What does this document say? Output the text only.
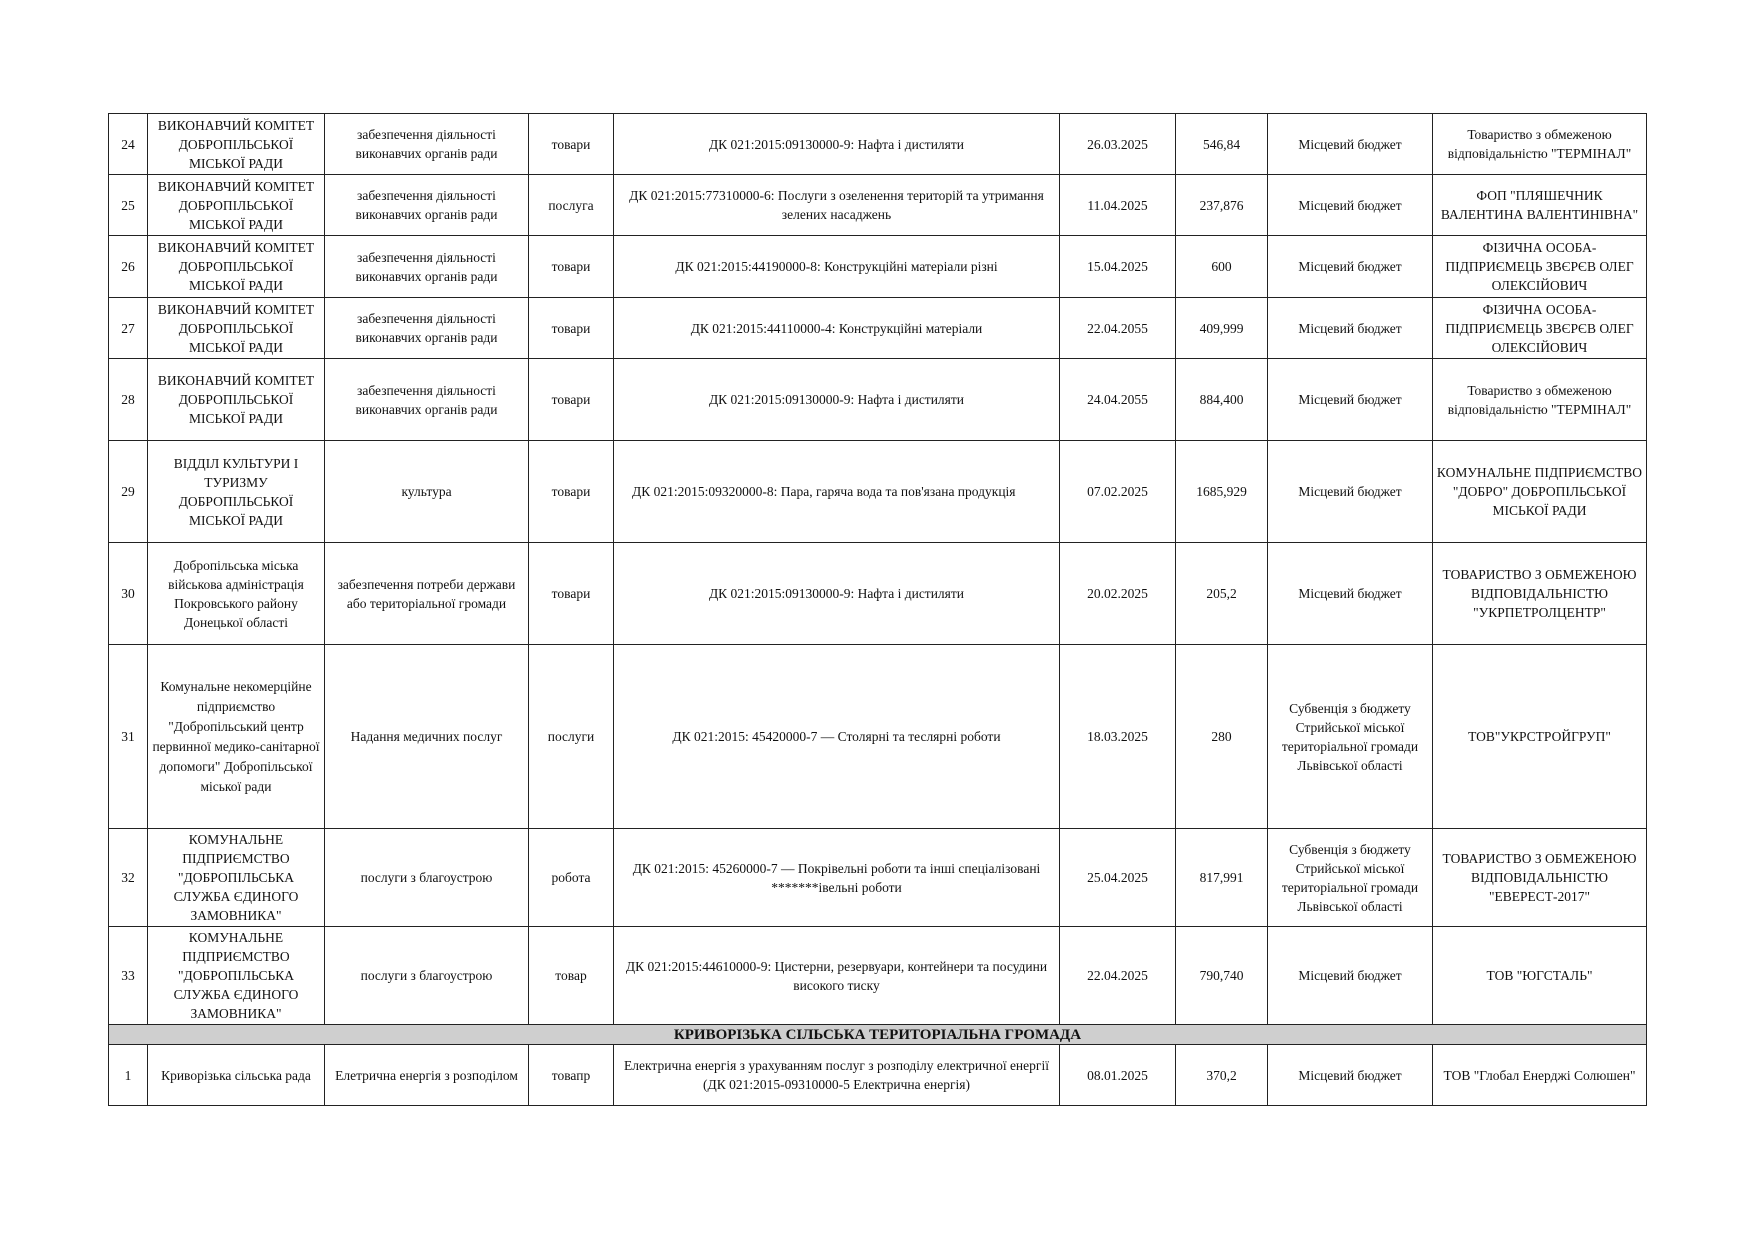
24	ВИКОНАВЧИЙ КОМІТЕТ ДОБРОПІЛЬСЬКОЇ МІСЬКОЇ РАДИ	забезпечення діяльності виконавчих органів ради	товари	ДК 021:2015:09130000-9: Нафта і дистиляти	26.03.2025	546,84	Місцевий бюджет	Товариство з обмеженою відповідальністю "ТЕРМІНАЛ"
25	ВИКОНАВЧИЙ КОМІТЕТ ДОБРОПІЛЬСЬКОЇ МІСЬКОЇ РАДИ	забезпечення діяльності виконавчих органів ради	послуга	ДК 021:2015:77310000-6: Послуги з озеленення територій та утримання зелених насаджень	11.04.2025	237,876	Місцевий бюджет	ФОП "ПЛЯШЕЧНИК ВАЛЕНТИНА ВАЛЕНТИНІВНА"
26	ВИКОНАВЧИЙ КОМІТЕТ ДОБРОПІЛЬСЬКОЇ МІСЬКОЇ РАДИ	забезпечення діяльності виконавчих органів ради	товари	ДК 021:2015:44190000-8: Конструкційні матеріали різні	15.04.2025	600	Місцевий бюджет	ФІЗИЧНА ОСОБА-ПІДПРИЄМЕЦЬ ЗВЄРЄВ ОЛЕГ ОЛЕКСІЙОВИЧ
27	ВИКОНАВЧИЙ КОМІТЕТ ДОБРОПІЛЬСЬКОЇ МІСЬКОЇ РАДИ	забезпечення діяльності виконавчих органів ради	товари	ДК 021:2015:44110000-4: Конструкційні матеріали	22.04.2055	409,999	Місцевий бюджет	ФІЗИЧНА ОСОБА-ПІДПРИЄМЕЦЬ ЗВЄРЄВ ОЛЕГ ОЛЕКСІЙОВИЧ
28	ВИКОНАВЧИЙ КОМІТЕТ ДОБРОПІЛЬСЬКОЇ МІСЬКОЇ РАДИ	забезпечення діяльності виконавчих органів ради	товари	ДК 021:2015:09130000-9: Нафта і дистиляти	24.04.2055	884,400	Місцевий бюджет	Товариство з обмеженою відповідальністю "ТЕРМІНАЛ"
29	ВІДДІЛ КУЛЬТУРИ І ТУРИЗМУ ДОБРОПІЛЬСЬКОЇ МІСЬКОЇ РАДИ	культура	товари	ДК 021:2015:09320000-8: Пара, гаряча вода та пов'язана продукція	07.02.2025	1685,929	Місцевий бюджет	КОМУНАЛЬНЕ ПІДПРИЄМСТВО "ДОБРО" ДОБРОПІЛЬСЬКОЇ МІСЬКОЇ РАДИ
30	Добропільська міська військова адміністрація Покровського району Донецької області	забезпечення потреби держави або територіальної громади	товари	ДК 021:2015:09130000-9: Нафта і дистиляти	20.02.2025	205,2	Місцевий бюджет	ТОВАРИСТВО З ОБМЕЖЕНОЮ ВІДПОВІДАЛЬНІСТЮ "УКРПЕТРОЛЦЕНТР"
31	Комунальне некомерційне підприємство "Добропільський центр первинної медико-санітарної допомоги" Добропільської міської ради	Надання медичних послуг	послуги	ДК 021:2015: 45420000-7 — Столярні та теслярні роботи	18.03.2025	280	Субвенція з бюджету Стрийської міської територіальної громади Львівської області	ТОВ"УКРСТРОЙГРУП"
32	КОМУНАЛЬНЕ ПІДПРИЄМСТВО "ДОБРОПІЛЬСЬКА СЛУЖБА ЄДИНОГО ЗАМОВНИКА"	послуги з благоустрою	робота	ДК 021:2015: 45260000-7 — Покрівельні роботи та інші спеціалізовані *******івельні роботи	25.04.2025	817,991	Субвенція з бюджету Стрийської міської територіальної громади Львівської області	ТОВАРИСТВО З ОБМЕЖЕНОЮ ВІДПОВІДАЛЬНІСТЮ "ЕВЕРЕСТ-2017"
33	КОМУНАЛЬНЕ ПІДПРИЄМСТВО "ДОБРОПІЛЬСЬКА СЛУЖБА ЄДИНОГО ЗАМОВНИКА"	послуги з благоустрою	товар	ДК 021:2015:44610000-9: Цистерни, резервуари, контейнери та посудини високого тиску	22.04.2025	790,740	Місцевий бюджет	ТОВ "ЮГСТАЛЬ"
КРИВОРІЗЬКА СІЛЬСЬКА ТЕРИТОРІАЛЬНА ГРОМАДА								
1	Криворізька сільська рада	Елетрична енергія з розподілом	товапр	Електрична енергія з урахуванням послуг з розподілу електричної енергії (ДК 021:2015-09310000-5 Електрична енергія)	08.01.2025	370,2	Місцевий бюджет	ТОВ "Глобал Енерджі Солюшен"
